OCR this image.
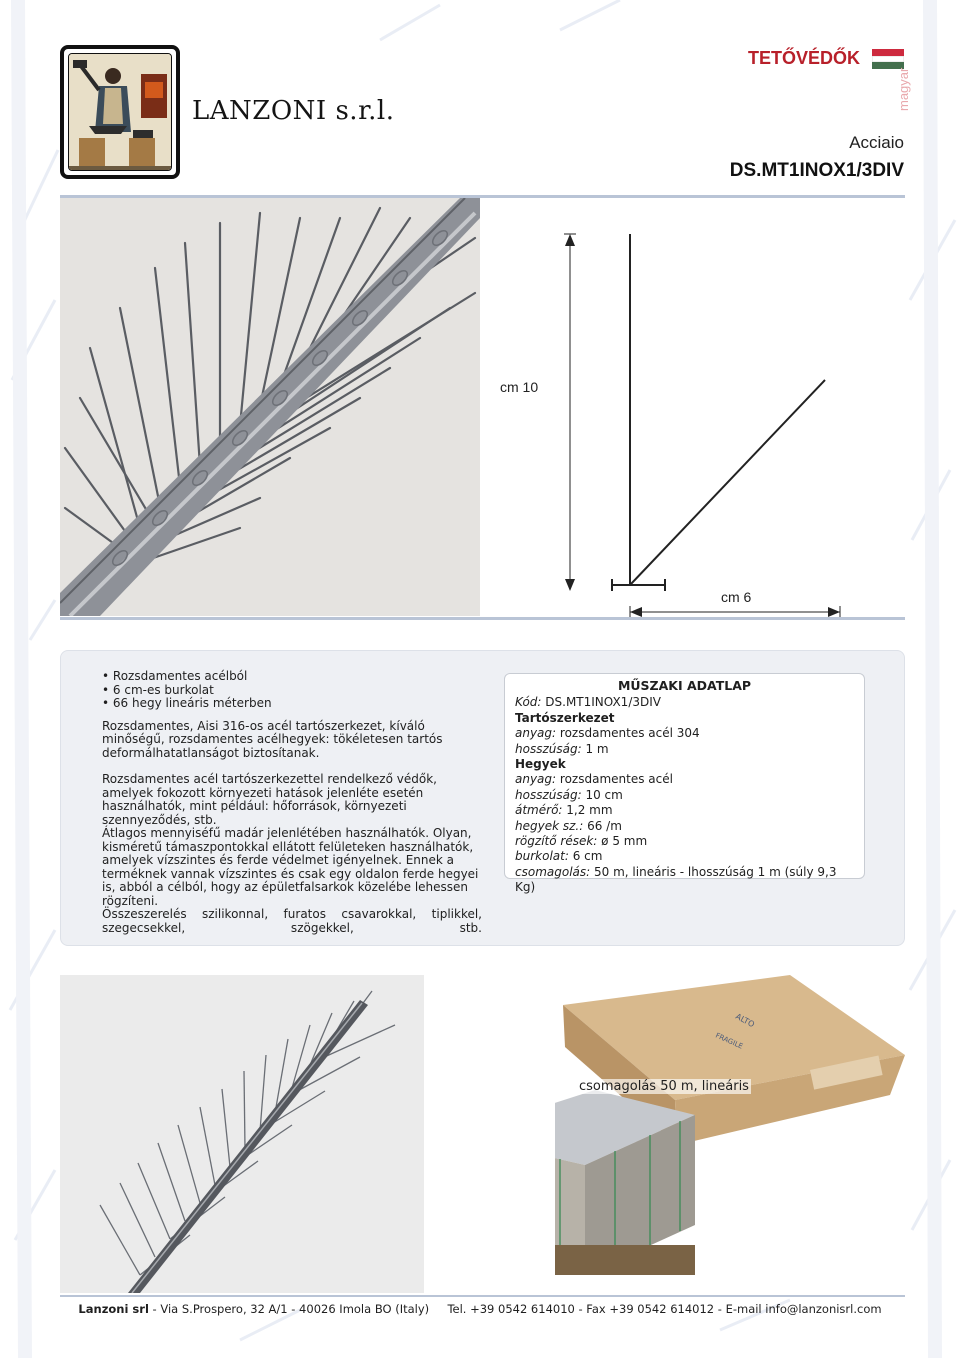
LANZONI s.r.l.
TETŐVÉDŐK
magyar
Acciaio
DS.MT1INOX1/3DIV
cm 10
cm 6
• Rozsdamentes acélból
• 6 cm-es burkolat
• 66 hegy lineáris méterben

Rozsdamentes, Aisi 316-os acél tartószerkezet, kíváló minőségű, rozsdamentes acélhegyek: tökéletesen tartós deformálhatatlanságot biztosítanak.

Rozsdamentes acél tartószerkezettel rendelkező védők, amelyek fokozott környezeti hatások jelenléte esetén használhatók, mint például: hőforrások, környezeti szennyeződés, stb.

Átlagos mennyiséfű madár jelenlétében használhatók. Olyan, kisméretű támaszpontokkal ellátott felületeken használhatók, amelyek vízszintes és ferde védelmet igényelnek. Ennek a terméknek vannak vízszintes és csak egy oldalon ferde hegyei is, abból a célból, hogy az épületfalsarkok közelébe lehessen rögzíteni.

Összeszerelés szilikonnal, furatos csavarokkal, tiplikkel, szegecsekkel, szögekkel, stb.

MŰSZAKI ADATLAP
Kód: DS.MT1INOX1/3DIV
Tartószerkezet
anyag: rozsdamentes acél 304
hosszúság: 1 m
Hegyek
anyag: rozsdamentes acél
hosszúság: 10 cm
átmérő: 1,2 mm
hegyek sz.: 66 /m
rögzítő rések: ø 5 mm
burkolat: 6 cm
csomagolás: 50 m, lineáris - lhosszúság 1 m (súly 9,3 Kg)
ALTO
FRAGILE
csomagolás 50 m, lineáris
Lanzoni srl - Via S.Prospero, 32 A/1 - 40026 Imola BO (Italy) Tel. +39 0542 614010 - Fax +39 0542 614012 - E-mail info@lanzonisrl.com
